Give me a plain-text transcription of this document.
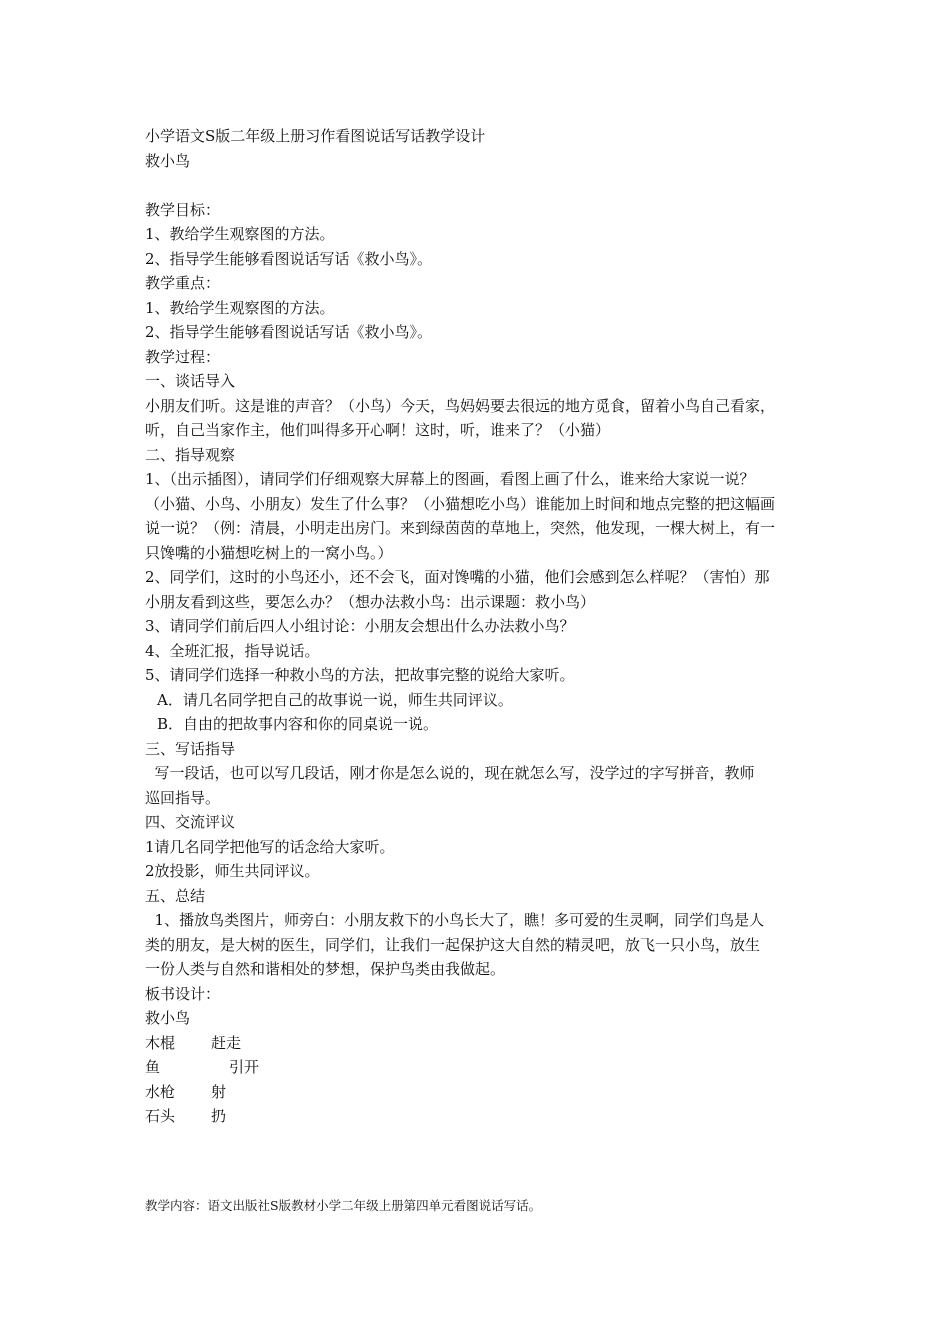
小学语文S版二年级上册习作看图说话写话教学设计

救小鸟

教学目标：

1、教给学生观察图的方法。

2、指导学生能够看图说话写话《救小鸟》。

教学重点：

1、教给学生观察图的方法。

2、指导学生能够看图说话写话《救小鸟》。

教学过程：

一、谈话导入

小朋友们听。这是谁的声音？（小鸟）今天，鸟妈妈要去很远的地方觅食，留着小鸟自己看家，

听，自己当家作主，他们叫得多开心啊！这时，听，谁来了？（小猫）

二、指导观察

1、（出示插图），请同学们仔细观察大屏幕上的图画，看图上画了什么，谁来给大家说一说？

（小猫、小鸟、小朋友）发生了什么事？（小猫想吃小鸟）谁能加上时间和地点完整的把这幅画

说一说？（例：清晨，小明走出房门。来到绿茵茵的草地上，突然，他发现，一棵大树上，有一

只馋嘴的小猫想吃树上的一窝小鸟。）

2、同学们，这时的小鸟还小，还不会飞，面对馋嘴的小猫，他们会感到怎么样呢？（害怕）那

小朋友看到这些，要怎么办？（想办法救小鸟：出示课题：救小鸟）

3、请同学们前后四人小组讨论：小朋友会想出什么办法救小鸟？

4、全班汇报，指导说话。

5、请同学们选择一种救小鸟的方法，把故事完整的说给大家听。

A．请几名同学把自己的故事说一说，师生共同评议。

B．自由的把故事内容和你的同桌说一说。

三、写话指导

写一段话，也可以写几段话，刚才你是怎么说的，现在就怎么写，没学过的字写拼音，教师

巡回指导。

四、交流评议

1请几名同学把他写的话念给大家听。

2放投影，师生共同评议。

五、总结

1、播放鸟类图片，师旁白：小朋友救下的小鸟长大了，瞧！多可爱的生灵啊，同学们鸟是人

类的朋友，是大树的医生，同学们，让我们一起保护这大自然的精灵吧，放飞一只小鸟，放生

一份人类与自然和谐相处的梦想，保护鸟类由我做起。

板书设计：

救小鸟

木棍	赶走
鱼	引开
水枪	射
石头	扔
教学内容：语文出版社S版教材小学二年级上册第四单元看图说话写话。
